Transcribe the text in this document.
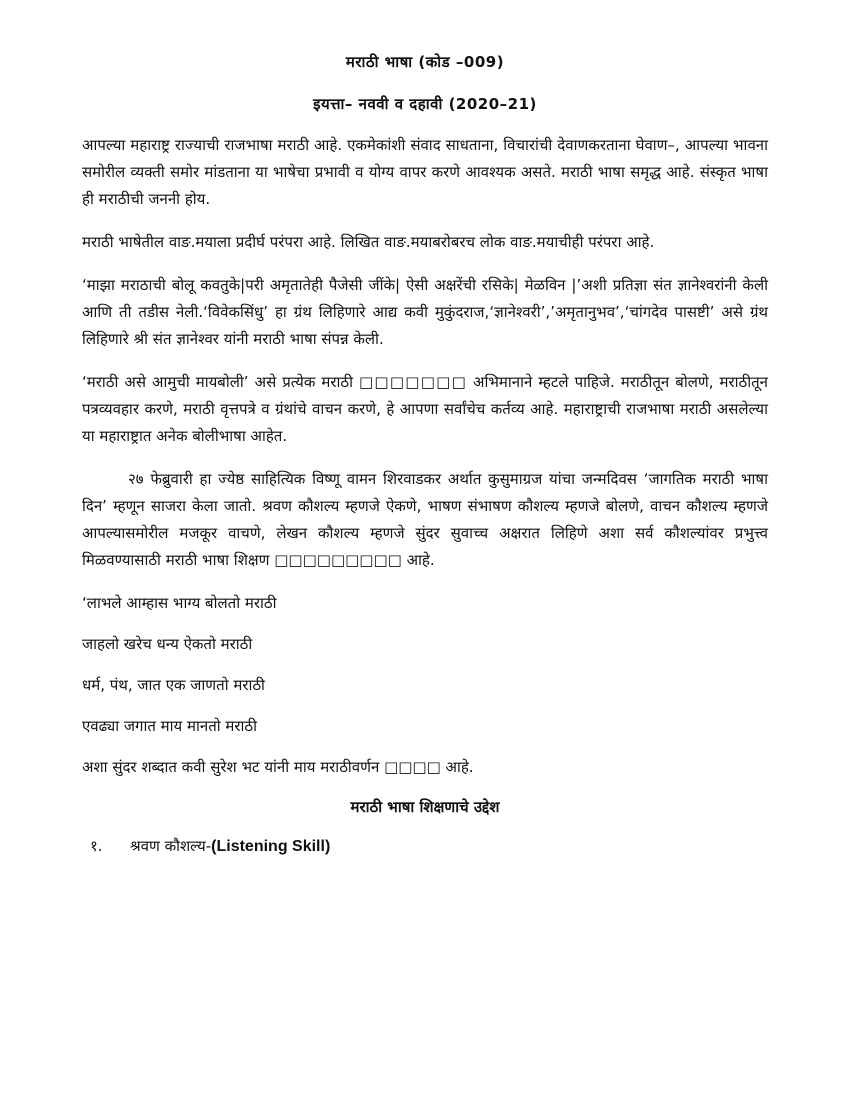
मराठी भाषा (कोड –009)
इयत्ता– नववी व दहावी (2020–21)

आपल्या महाराष्ट्र राज्याची राजभाषा मराठी आहे. एकमेकांशी संवाद साधताना, विचारांची देवाणकरताना घेवाण–, आपल्या भावना समोरील व्यक्ती समोर मांडताना या भाषेचा प्रभावी व योग्य वापर करणे आवश्यक असते. मराठी भाषा समृद्ध आहे. संस्कृत भाषा ही मराठीची जननी होय.

मराठी भाषेतील वाङ.मयाला प्रदीर्घ परंपरा आहे. लिखित वाङ.मयाबरोबरच लोक वाङ.मयाचीही परंपरा आहे.

‘माझा मराठाची बोलू कवतुके|परी अमृतातेही पैजेसी जींके| ऐसी अक्षरेंची रसिके| मेळविन |’अशी प्रतिज्ञा संत ज्ञानेश्वरांनी केली आणि ती तडीस नेली.‘विवेकसिंधु’ हा ग्रंथ लिहिणारे आद्य कवी मुकुंदराज,‘ज्ञानेश्वरी’,’अमृतानुभव’,‘चांगदेव पासष्टी’ असे ग्रंथ लिहिणारे श्री संत ज्ञानेश्वर यांनी मराठी भाषा संपन्न केली.

‘मराठी असे आमुची मायबोली’ असे प्रत्येक मराठी □□□□□□□ अभिमानाने म्हटले पाहिजे. मराठीतून बोलणे, मराठीतून पत्रव्यवहार करणे, मराठी वृत्तपत्रे व ग्रंथांचे वाचन करणे, हे आपणा सर्वांचेच कर्तव्य आहे. महाराष्ट्राची राजभाषा मराठी असलेल्या या महाराष्ट्रात अनेक बोलीभाषा आहेत.

२७ फेब्रुवारी हा ज्येष्ठ साहित्यिक विष्णू वामन शिरवाडकर अर्थात कुसुमाग्रज यांचा जन्मदिवस ‘जागतिक मराठी भाषा दिन’ म्हणून साजरा केला जातो. श्रवण कौशल्य म्हणजे ऐकणे, भाषण संभाषण कौशल्य म्हणजे बोलणे, वाचन कौशल्य म्हणजे आपल्यासमोरील मजकूर वाचणे, लेखन कौशल्य म्हणजे सुंदर सुवाच्च अक्षरात लिहिणे अशा सर्व कौशल्यांवर प्रभुत्त्व मिळवण्यासाठी मराठी भाषा शिक्षण □□□□□□□□□ आहे.

‘लाभले आम्हास भाग्य बोलतो मराठी
जाहलो खरेच धन्य ऐकतो मराठी
धर्म, पंथ, जात एक जाणतो मराठी
एवढ्या जगात माय मानतो मराठी

अशा सुंदर शब्दात कवी सुरेश भट यांनी माय मराठीवर्णन □□□□ आहे.

मराठी भाषा शिक्षणाचे उद्देश
१. श्रवण कौशल्य-(Listening Skill)
